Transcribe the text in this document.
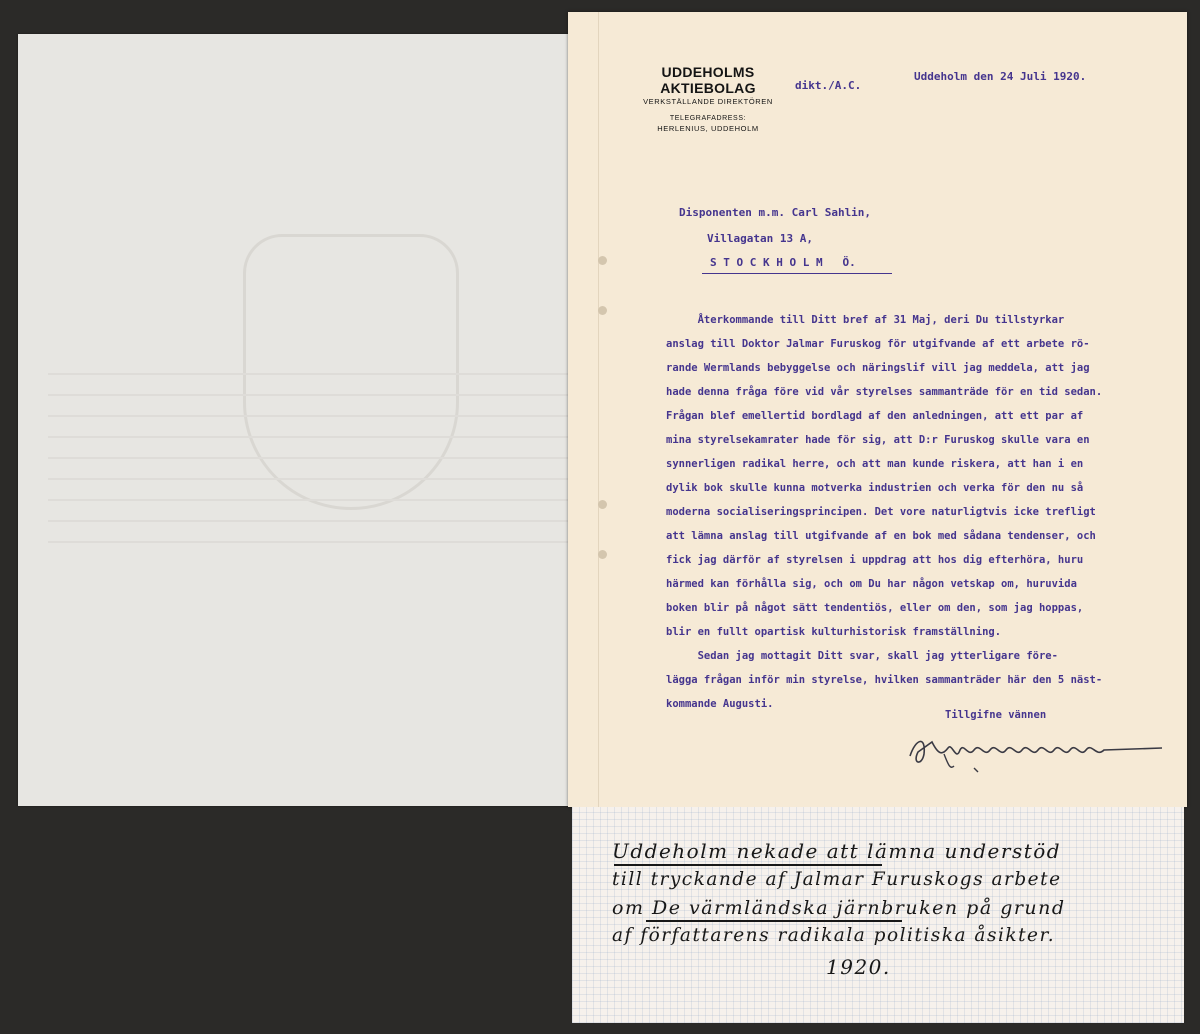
UDDEHOLMS AKTIEBOLAG
VERKSTÄLLANDE DIREKTÖREN
TELEGRAFADRESS:
HERLENIUS, UDDEHOLM
dikt./A.C.
Uddeholm den 24 Juli 1920.
Disponenten m.m. Carl Sahlin,
Villagatan 13 A,
S T O C K H O L M   Ö.
Återkommande till Ditt bref af 31 Maj, deri Du tillstyrkar
anslag till Doktor Jalmar Furuskog för utgifvande af ett arbete rö-
rande Wermlands bebyggelse och näringslif vill jag meddela, att jag
hade denna fråga före vid vår styrelses sammanträde för en tid sedan.
Frågan blef emellertid bordlagd af den anledningen, att ett par af
mina styrelsekamrater hade för sig, att D:r Furuskog skulle vara en
synnerligen radikal herre, och att man kunde riskera, att han i en
dylik bok skulle kunna motverka industrien och verka för den nu så
moderna socialiseringsprincipen. Det vore naturligtvis icke trefligt
att lämna anslag till utgifvande af en bok med sådana tendenser, och
fick jag därför af styrelsen i uppdrag att hos dig efterhöra, huru
härmed kan förhålla sig, och om Du har någon vetskap om, huruvida
boken blir på något sätt tendentiös, eller om den, som jag hoppas,
blir en fullt opartisk kulturhistorisk framställning.
Sedan jag mottagit Ditt svar, skall jag ytterligare före-
lägga frågan inför min styrelse, hvilken sammanträder här den 5 näst-
kommande Augusti.
Tillgifne vännen
Uddeholm nekade att lämna understöd
till tryckande af Jalmar Furuskogs arbete
om De värmländska järnbruken på grund
af författarens radikala politiska åsikter.
1920.
